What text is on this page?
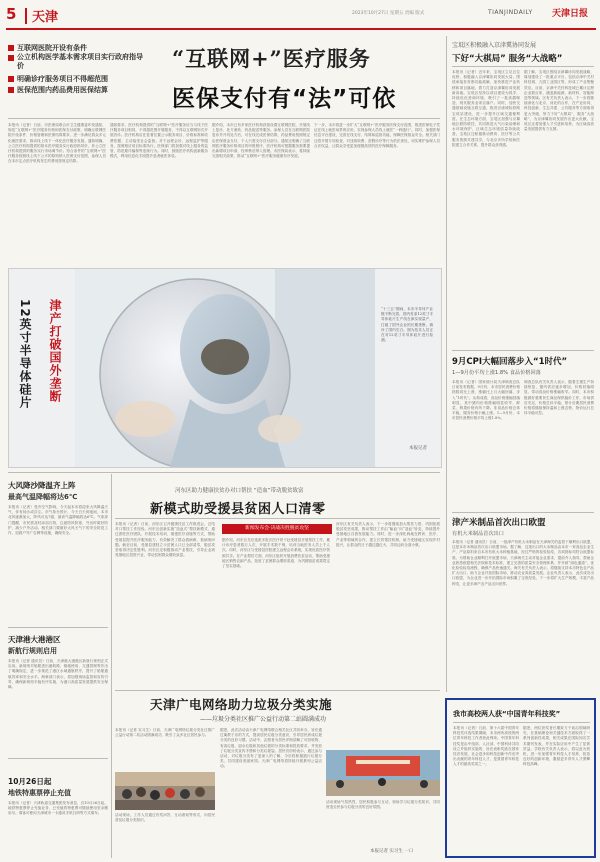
5 天津	2023年10月27日 星期五 责编 版式	TIANJINDAILY 天津日报
互联网医院开设有条件
公立机构医学基本需求项目实行政府指导价
明确诊疗服务项目不得超范围
医保范围内药品费用医保结算
“互联网+”医疗服务
医保支付有“法”可依
本报讯（记者）日前，市医保局联合市卫生健康委印发通知，规范“互联网+”医疗服务价格和医保支付政策，明确互联网医院开设条件、价格管理和医保结算要求，进一步满足群众多元化就医需求，推动线上线下一体化医疗服务发展。通知明确，公立医疗机构提供的基本医疗服务实行政府指导价，非公立医疗机构提供的服务实行市场调节价。符合条件的“互联网+”医疗服务按照线上线下公平的原则纳入医保支付范围，参保人员在本市定点医疗机构发生的费用按规定结算。
通知要求，医疗机构提供的“互联网+”医疗服务应当与线下医疗服务项目相同，不得超范围开展服务，不得以互联网形式开展首诊。医疗机构应在显著位置公示服务项目、价格标准和收费依据，主动接受社会监督。对于远程会诊、远程监护等服务，按照相应项目标准执行。医保部门将加强对线上服务的监管，防范欺诈骗保等违规行为。同时，鼓励医疗机构创新服务模式，利用信息化手段提升患者就医体验。
据介绍，本市已有多家医疗机构获批设置互联网医院，开展线上复诊、处方流转、药品配送等服务。参保人员在互联网医院复诊并开具处方后，可在线完成医保结算，药品费用按照规定由医保基金支付，个人只需支付自付部分。通知还明确了互联网医疗服务价格项目的申报程序，医疗机构可根据服务需要提出新增项目申请，经审核后纳入管理。市医保局表示，将持续完善相关政策，推动“互联网+”医疗服务健康有序发展。
下一步，本市将进一步扩大“互联网+”医疗服务医保支付范围，推进医保电子凭证在线上就医场景的应用，实现参保人员线上就医“一码通行”。同时，加强医保信息平台建设，完善在线支付、结算和监管功能，保障医保基金安全。相关部门还将开展专项检查，对违规收费、虚假诊疗等行为依法查处，切实维护参保人员合法权益，让群众享受更加便捷高效的医疗保障服务。
宝坻区积极融入京津冀协同发展
下好“大棋局” 服务“大战略”
本报讯（记者）近年来，宝坻区立足区位优势，积极融入京津冀协同发展大局，围绕承接非首都功能疏解，加快推进产业转移和项目落地，着力打造京津冀协同发展新高地。宝坻区坚持以项目建设为抓手，持续优化营商环境，吸引了一批高端制造、现代服务业项目落户。同时，加快交通基础设施互联互通，推进京唐城际铁路宝坻站建设，进一步提升区域交通便利度。在生态环境方面，宝坻区加强与京冀地区联防联控，共同推进大气污染治理和水环境保护，区域生态环境质量持续改善。宝坻区还积极推动教育、医疗等公共服务资源共建共享，与北京多所学校和医院建立合作关系，提升群众获得感。
据了解，宝坻区围绕京津冀协同发展战略，谋划建设了一批重点平台，包括京津中关村科技城、九园工业园区等，形成了产业集聚效应。目前，京津中关村科技城已累计注册企业数百家，涵盖新能源、新材料、智能制造等领域。区有关负责人表示，下一步将继续深化与北京、河北的合作，在产业协同、科技创新、生态共建、公共服务等方面取得更大突破，努力下好“大棋局”，服务“大战略”，为京津冀协同发展作出更大贡献。宝坻区还将加强人才引进和培养，为区域高质量发展提供有力支撑。
9月CPI大幅回落步入“1时代”
1—9月份平均上涨1.8% 食品价格回落
本报讯（记者）国家统计局天津调查总队日前发布数据，9月份，本市居民消费价格指数同比上涨，涨幅比上月大幅回落，步入“1时代”。从构成看，食品价格涨幅回落明显，其中猪肉价格涨幅明显收窄，鲜菜、鲜果价格有所下降。非食品价格总体平稳，服务价格小幅上涨。1—9月份，本市居民消费价格平均上涨1.8%。
调查总队有关负责人表示，随着生猪生产持续恢复，猪肉供应逐步增加，价格回落明显，带动食品价格涨幅收窄。同时，本市积极做好重要民生商品保供稳价工作，市场供应充足，价格总体平稳。预计后期居民消费价格将继续保持温和上涨态势，物价运行总体平稳可控。
津产米制品首次出口欧盟
有机大米制品首次出口
本报讯（记者 通讯员）日前，一批津产有机大米制品在天津海关的监管下顺利出口欧盟，这是本市米制品首次出口欧盟市场。据了解，这批出口的大米制品由本市一家食品企业生产，产品原料来自本市有机大米种植基地，经过严格的检验检疫，各项指标均符合欧盟标准。为帮助企业顺利打开欧盟市场，天津海关主动对接企业需求，提前介入指导，帮助企业熟悉欧盟相关法规和技术标准，建立完善的质量安全管理体系，并开辟“绿色通道”，优化检验检疫流程，确保产品快速通关。海关有关负责人表示，将继续支持本市特色农产品扩大出口，助力企业开拓国际市场，推动农业高质量发展。企业负责人表示，此次成功出口欧盟，为企业进一步开拓国际市场积累了宝贵经验，下一步将扩大生产规模，丰富产品种类，让更多津产农产品走向世界。
我市高校两人获“中国青年科技奖”
本报讯（记者）日前，第十六届中国青年科技奖评选结果揭晓，本市两所高校的两位青年科技工作者获此殊荣。中国青年科技奖是由中组部、人社部、中国科协共同设立并组织实施的，旨在表彰奖励在国家经济发展、社会进步和科技创新中作出突出贡献的青年科技人才，是我国青年科技人才的最高奖项之一。
据悉，两位获奖者长期致力于前沿领域研究，在基础理论和关键技术方面取得了一系列创新性成果，相关成果在国际知名学术期刊发表，并在实际应用中产生了显著效益。学校有关负责人表示，将以此为契机，进一步加强青年科技人才培养，营造良好的创新环境，激励更多青年人才勇攀科技高峰。
津产打破国外垄断
12英寸半导体硅片	“十三五”期间，本市半导体产业链不断完善，国内首条12英寸半导体硅片生产线在津实现量产，打破了国外企业的长期垄断，填补了国内空白。图为技术人员正在对12英寸半导体硅片进行检测。
本报记者
大风降沙降温齐上阵
最高气温降幅将达6℃
本报讯（记者）受冷空气影响，今天起本市将迎来大风降温天气，伴有扬沙或浮尘。市气象台预计，今天白天到夜间，本市北风逐渐加大，阵风可达7级，最高气温降幅将达6℃。气象部门提醒，市民需及时添加衣物，注意防风防寒，外出时做好防护，减少户外活动。相关部门要做好大风天气下的安全防范工作，加固户外广告牌等设施，确保安全。
天津港大港港区
新航行规则启用
本报讯（记者 通讯员）日前，天津港大港港区新航行规则正式启用。新规则对船舶进出港航路、锚地使用、交通管制等作出了明确规定，进一步规范了港区水域通航秩序，提升了船舶通航效率和安全水平。海事部门表示，将加强现场监管和宣传引导，确保新规则平稳有序实施，为港口高质量发展提供安全保障。
10月26日起
地铁特惠票停止充值
本报讯（记者）天津轨道交通集团发布消息，自10月26日起，地铁特惠票停止充值业务，已充值的特惠票可继续使用至余额用尽。乘客可使用天津城市一卡通或手机扫码等方式乘车。
河东区助力健康扶贫办对口帮扶 “造血”带动脱贫致富
新模式助受援县贫困人口清零
本报讯（记者）日前，河东区召开健康扶贫工作推进会，总结对口帮扶工作经验。河东区创新实施“造血式”帮扶新模式，通过派驻医疗团队、开展技术培训、援建医疗设施等方式，帮助受援县提升医疗服务能力，有效解决了群众看病难、看病贵问题。截至目前，受援县建档立卡贫困人口已全部清零，脱贫攻坚取得决定性胜利。河东区还积极推动产业帮扶，引导企业到受援地区投资兴业，带动贫困群众增收致富。
新闻发布会·决战决胜脱贫攻坚
据介绍，河东区先后选派多批次医疗骨干赴受援县开展帮扶工作，累计诊疗患者数万人次，开展手术数千例，培训当地医务人员上千人次。同时，河东区与受援县医院建立远程会诊系统，实现优质医疗资源共享。在产业帮扶方面，河东区组织开展消费扶贫活动，帮助受援地区销售农副产品，拓宽了贫困群众增收渠道，为巩固脱贫成果奠定了坚实基础。
河东区有关负责人表示，下一步将继续加大帮扶力度，巩固拓展脱贫攻坚成果，推动帮扶工作由“输血”向“造血”转变，持续提升受援地区自我发展能力。同时，进一步深化两地在教育、医疗、产业等领域的合作，建立长效帮扶机制，助力受援地区实现乡村振兴，让群众的日子越过越红火，共同迈向全面小康。
天津广电网络助力垃圾分类实施
——垃圾分类社区推广公益行动第二站圆满成功
本报讯（记者 实习生）日前，天津广电网络垃圾分类社区推广公益行动第二站活动圆满成功，吸引了众多社区居民参与。
活动现场，工作人员通过有奖问答、互动游戏等形式，向居民普及垃圾分类知识。
据悉，此次活动由天津广电网络联合相关社区共同举办，旨在通过寓教于乐的方式，提高居民垃圾分类意识，引导居民养成垃圾分类的良好习惯。活动中，志愿者为居民详细讲解了可回收物、有害垃圾、厨余垃圾和其他垃圾的分类标准和投放要求，并发放了垃圾分类宣传手册和分类垃圾袋。居民们纷纷表示，通过参与活动，对垃圾分类有了更深入的了解，今后将积极践行垃圾分类，共同建设美丽家园。天津广电网络将持续开展系列公益活动。
活动现场气氛热烈，居民积极参与互动，现场学习垃圾分类知识，共同营造全民参与垃圾分类的良好氛围。
本报记者 实习生 一口
